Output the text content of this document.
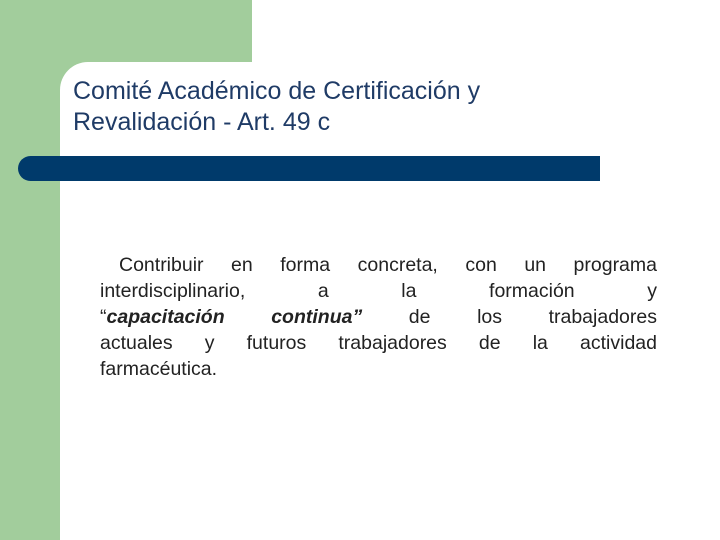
Comité Académico de Certificación y
Revalidación - Art. 49 c
Contribuir en forma concreta, con un programa
interdisciplinario, a la formación y
“capacitación continua” de los trabajadores
actuales y futuros trabajadores de la actividad
farmacéutica.
